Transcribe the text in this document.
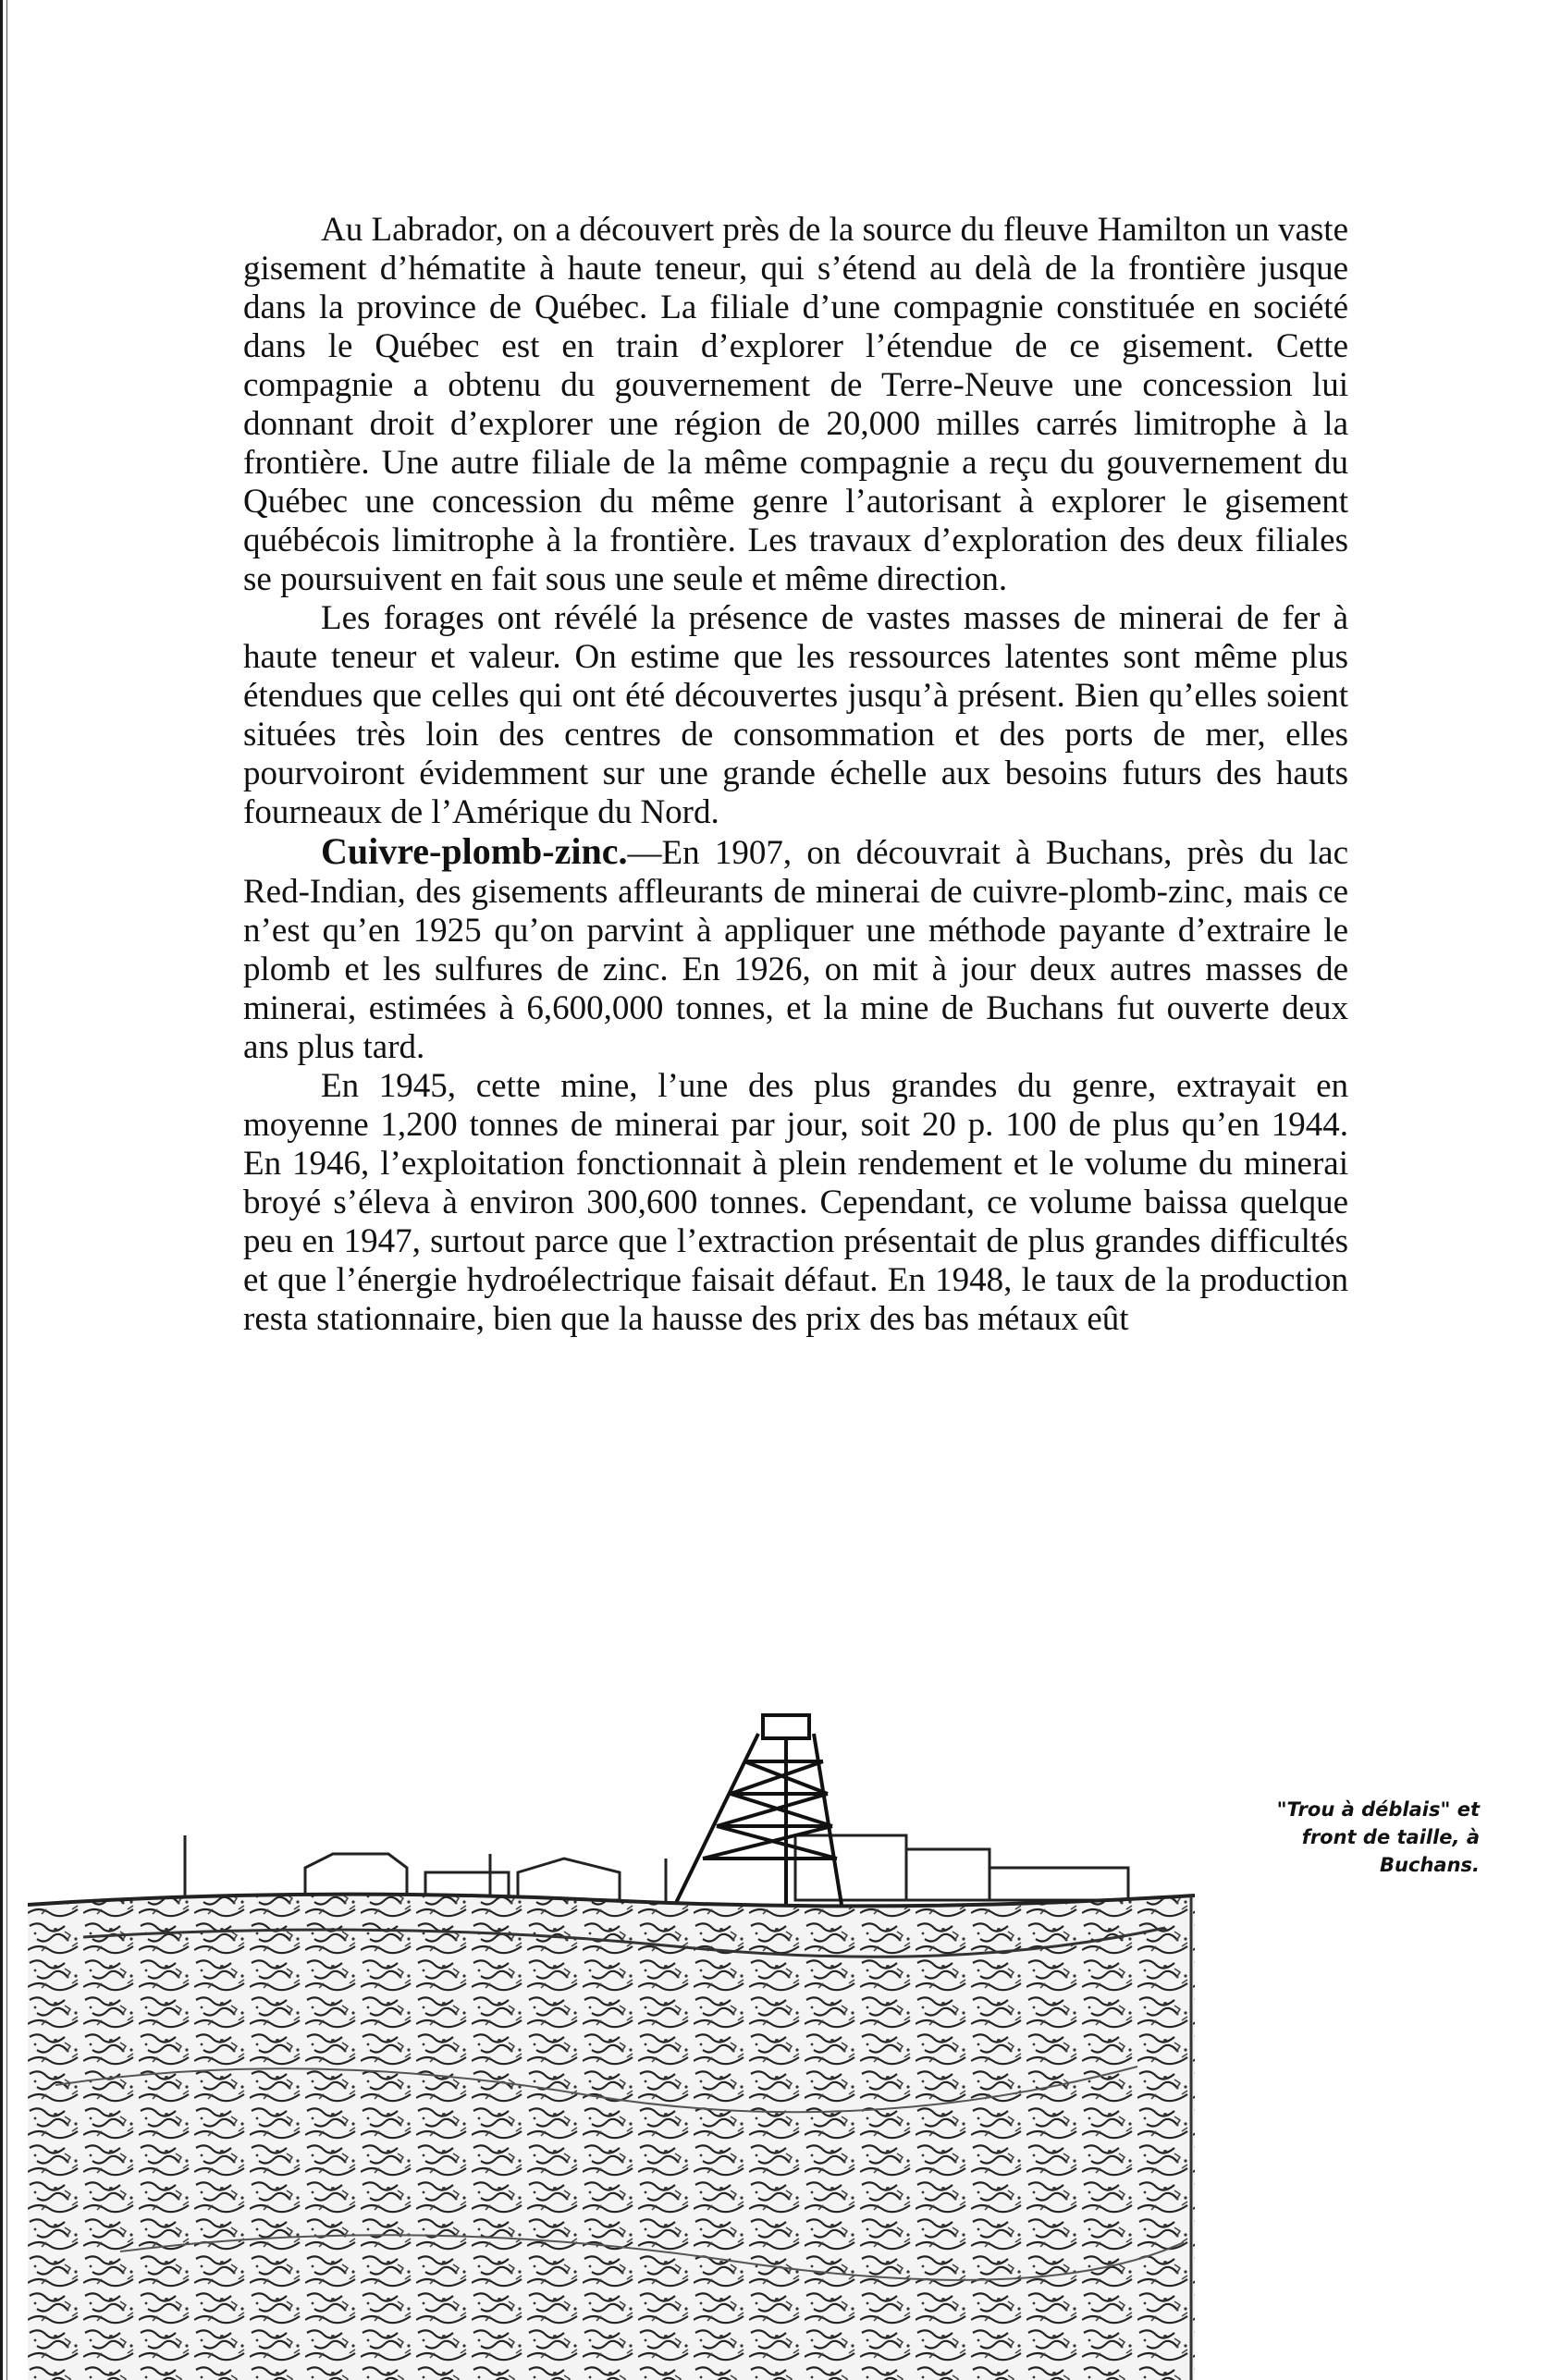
Au Labrador, on a découvert près de la source du fleuve Hamilton un vaste gisement d’hématite à haute teneur, qui s’étend au delà de la frontière jusque dans la province de Québec. La filiale d’une compagnie constituée en société dans le Québec est en train d’explorer l’étendue de ce gisement. Cette compagnie a obtenu du gouvernement de Terre-Neuve une concession lui donnant droit d’explorer une région de 20,000 milles carrés limitrophe à la frontière. Une autre filiale de la même compagnie a reçu du gouvernement du Québec une concession du même genre l’autorisant à explorer le gisement québécois limitrophe à la frontière. Les travaux d’exploration des deux filiales se poursuivent en fait sous une seule et même direction.

Les forages ont révélé la présence de vastes masses de minerai de fer à haute teneur et valeur. On estime que les ressources latentes sont même plus étendues que celles qui ont été découvertes jusqu’à présent. Bien qu’elles soient situées très loin des centres de consommation et des ports de mer, elles pourvoiront évidemment sur une grande échelle aux besoins futurs des hauts fourneaux de l’Amérique du Nord.

Cuivre-plomb-zinc.—En 1907, on découvrait à Buchans, près du lac Red-Indian, des gisements affleurants de minerai de cuivre-plomb-zinc, mais ce n’est qu’en 1925 qu’on parvint à appliquer une méthode payante d’extraire le plomb et les sulfures de zinc. En 1926, on mit à jour deux autres masses de minerai, estimées à 6,600,000 tonnes, et la mine de Buchans fut ouverte deux ans plus tard.

En 1945, cette mine, l’une des plus grandes du genre, extrayait en moyenne 1,200 tonnes de minerai par jour, soit 20 p. 100 de plus qu’en 1944. En 1946, l’exploitation fonctionnait à plein rendement et le volume du minerai broyé s’éleva à environ 300,600 tonnes. Cependant, ce volume baissa quelque peu en 1947, surtout parce que l’extraction présentait de plus grandes difficultés et que l’énergie hydroélectrique faisait défaut. En 1948, le taux de la production resta stationnaire, bien que la hausse des prix des bas métaux eût

"Trou à déblais" et
front de taille, à
Buchans.
